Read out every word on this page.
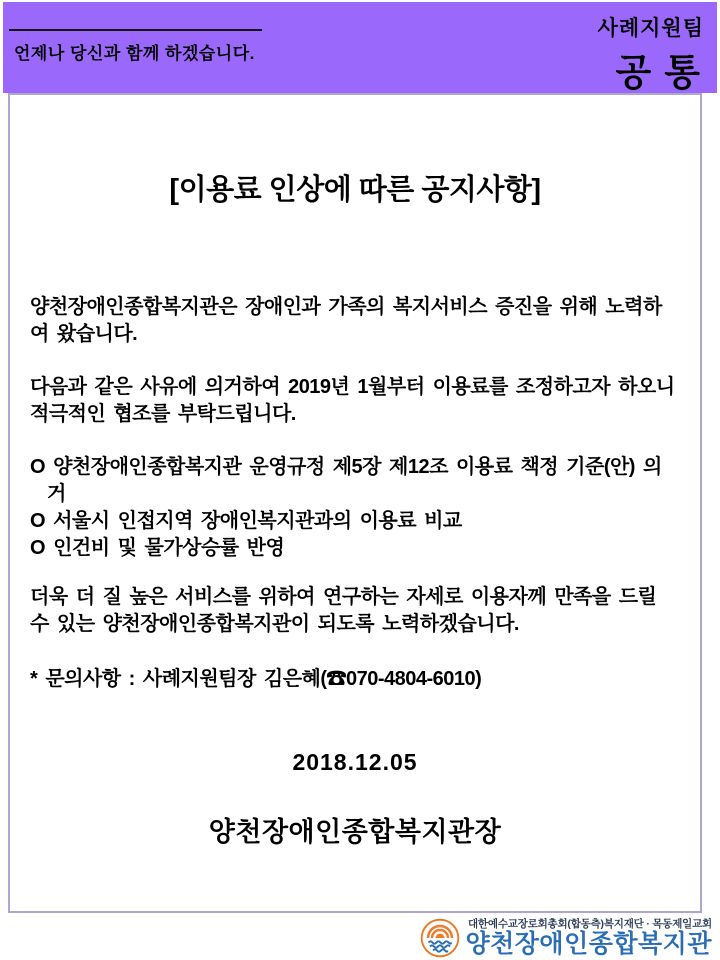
언제나 당신과 함께 하겠습니다.
사례지원팀
공통
[이용료 인상에 따른 공지사항]
양천장애인종합복지관은 장애인과 가족의 복지서비스 증진을 위해 노력하여 왔습니다.
다음과 같은 사유에 의거하여 2019년 1월부터 이용료를 조정하고자 하오니 적극적인 협조를 부탁드립니다.
O 양천장애인종합복지관 운영규정 제5장 제12조 이용료 책정 기준(안) 의거
O 서울시 인접지역 장애인복지관과의 이용료 비교
O 인건비 및 물가상승률 반영
더욱 더 질 높은 서비스를 위하여 연구하는 자세로 이용자께 만족을 드릴 수 있는 양천장애인종합복지관이 되도록 노력하겠습니다.
* 문의사항 : 사례지원팀장 김은혜(☎070-4804-6010)
2018.12.05
양천장애인종합복지관장
대한예수교장로회총회(합동측)복지재단 · 목동제일교회
양천장애인종합복지관
